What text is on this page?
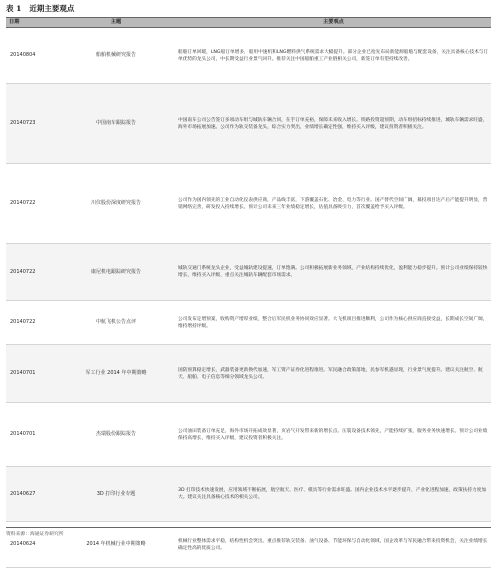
表 1 近期主要观点
日期	主题	主要观点
20140804	船舶机械研究报告	船舶订单回暖，LNG船订单增多，船用中速机和LNG燃料供气系统需求大幅提升。部分企业已抢先布局新能源船舶与配套设备，关注具备核心技术与订单优势的龙头公司，中长期受益行业景气回升。推荐关注中国船舶重工产业链相关公司，新签订单有望持续改善。

20140723	中国南车跟踪报告	中国南车公司公告签订多项动车组与城轨车辆合同，在手订单充裕，保障未来收入增长。铁路投资超预期，动车组招标持续推进，城轨车辆需求旺盛，海外市场拓展加速。公司作为轨交装备龙头，综合实力突出，业绩增长确定性强，维持买入评级，建议投资者积极关注。

20140722	川仪股份深度研究报告	公司作为国内领先的工业自动化仪表供应商，产品线丰富，下游覆盖石化、冶金、电力等行业。国产替代空间广阔，募投项目达产后产能提升明显，营销网络完善，研发投入持续增长。预计公司未来三年业绩稳定增长，估值具备吸引力，首次覆盖给予买入评级。

20140722	康尼机电跟踪研究报告	城轨交通门系统龙头企业，受益城轨建设提速，订单饱满。公司积极拓展新业务领域，产业结构持续优化，盈利能力稳步提升。预计公司业绩保持较快增长，维持买入评级，重点关注城轨车辆配套市场需求。

20140722	中航飞机公告点评	公司发布定增预案，收购资产增厚业绩，整合后军民机业务协同效应显著。大飞机项目推进顺利，公司作为核心供应商直接受益，长期成长空间广阔，维持增持评级。

20140701	军工行业 2014 年中期策略	国防预算稳定增长，武器装备更新换代加速，军工资产证券化进程推进。军民融合政策落地，民参军机遇显现，行业景气度提升。建议关注航空、航天、船舶、电子信息等细分领域龙头公司。

20140701	杰瑞股份跟踪报告	公司油田装备订单充足，海外市场开拓成效显著，页岩气开发带来新的增长点。压裂设备技术领先，产能持续扩张，服务业务快速增长。预计公司业绩保持高增长，维持买入评级，建议投资者积极关注。

20140627	3D 打印行业专题	3D 打印技术快速发展，应用领域不断拓展，航空航天、医疗、模具等行业需求旺盛。国内企业技术水平逐步提升，产业化进程加速，政策扶持力度加大。建议关注具备核心技术的相关公司。

20140624	2014 年机械行业中期策略	机械行业整体需求平稳，结构性机会突出。重点推荐轨交装备、油气设备、节能环保与自动化领域，国企改革与军民融合带来投资机会，关注业绩增长确定性高的优质公司。
资料来源：海通证券研究所
